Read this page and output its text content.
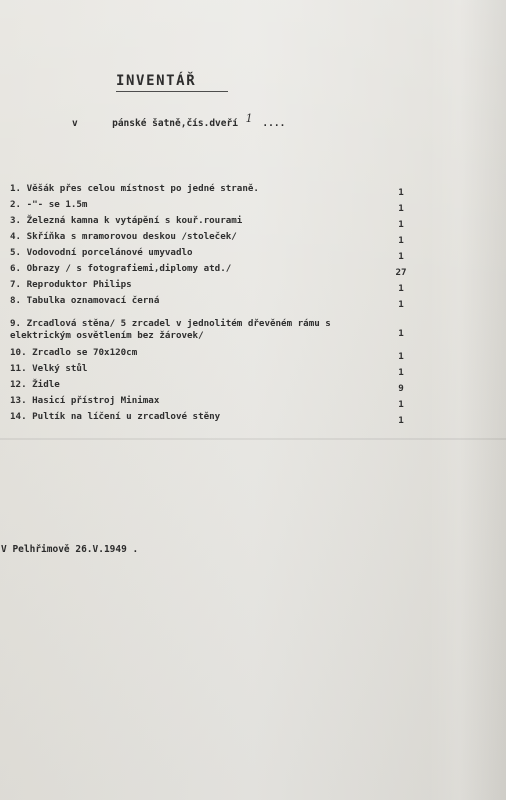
INVENTÁŘ
v	pánské šatně,čís.dveří 1 ....
1. Věšák přes celou místnost po jedné straně.	1
2. -"- se 1.5m	1
3. Železná kamna k vytápění s kouř.rourami	1
4. Skříňka s mramorovou deskou /stoleček/	1
5. Vodovodní porcelánové umyvadlo	1
6. Obrazy / s fotografiemi,diplomy atd./	27
7. Reproduktor Philips	1
8. Tabulka oznamovací černá	1
9. Zrcadlová stěna/ 5 zrcadel v jednolitém dřevěném rámu s elektrickým osvětlením bez žárovek/	1
10. Zrcadlo se 70x120cm	1
11. Velký stůl	1
12. Židle	9
13. Hasicí přístroj Minimax	1
14. Pultík na líčení u zrcadlové stěny	1
V Pelhřimově 26.V.1949 .
